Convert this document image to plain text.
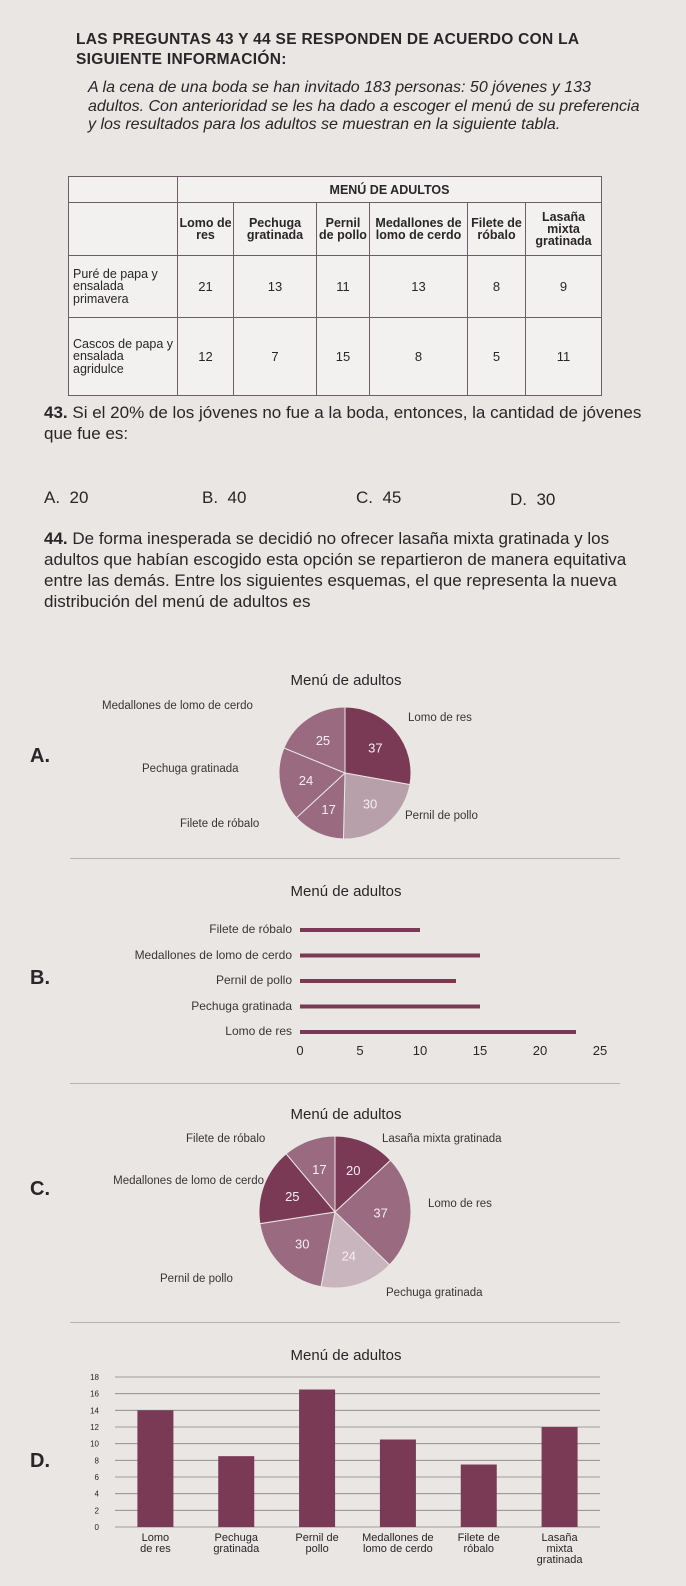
LAS PREGUNTAS 43 Y 44 SE RESPONDEN DE ACUERDO CON LA SIGUIENTE INFORMACIÓN:
A la cena de una boda se han invitado 183 personas: 50 jóvenes y 133 adultos. Con anterioridad se les ha dado a escoger el menú de su preferencia y los resultados para los adultos se muestran en la siguiente tabla.
	MENÚ DE ADULTOS					
	Lomo de res	Pechuga gratinada	Pernil de pollo	Medallones de lomo de cerdo	Filete de róbalo	Lasaña mixta gratinada
Puré de papa y ensalada primavera	21	13	11	13	8	9
Cascos de papa y ensalada agridulce	12	7	15	8	5	11
43. Si el 20% de los jóvenes no fue a la boda, entonces, la cantidad de jóvenes que fue es:
A. 20	B. 40	C. 45	D. 30
44. De forma inesperada se decidió no ofrecer lasaña mixta gratinada y los adultos que habían escogido esta opción se repartieron de manera equitativa entre las demás. Entre los siguientes esquemas, el que representa la nueva distribución del menú de adultos es
A.
Menú de adultos
37
30
17
24
25
Medallones de lomo de cerdo
Lomo de res
Pechuga gratinada
Filete de róbalo
Pernil de pollo
B.
Menú de adultos
Filete de róbalo
Medallones de lomo de cerdo
Pernil de pollo
Pechuga gratinada
Lomo de res
0	5	10	15	20	25
C.
Menú de adultos
20
37
24
30
25
17
Filete de róbalo	Lasaña mixta gratinada
Medallones de lomo de cerdo
Lomo de res
Pernil de pollo
Pechuga gratinada
D.
Menú de adultos
0
2
4
6
8
10
12
14
16
18
Lomo de res
Pechuga gratinada
Pernil de pollo
Medallones de lomo de cerdo
Filete de róbalo
Lasaña mixta gratinada
